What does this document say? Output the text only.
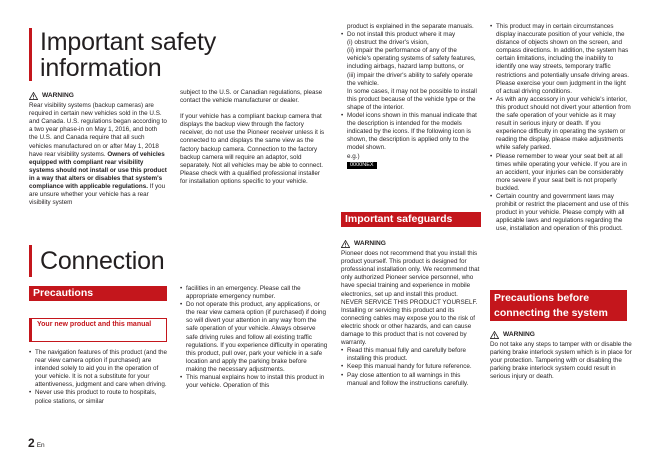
Important safety
information
WARNING

Rear visibility systems (backup cameras) are required in certain new vehicles sold in the U.S. and Canada. U.S. regulations began according to a two year phase-in on May 1, 2016, and both the U.S. and Canada require that all such vehicles manufactured on or after May 1, 2018 have rear visibility systems. Owners of vehicles equipped with compliant rear visibility systems should not install or use this product in a way that alters or disables that system's compliance with applicable regulations. If you are unsure whether your vehicle has a rear visibility system

subject to the U.S. or Canadian regulations, please contact the vehicle manufacturer or dealer.

If your vehicle has a compliant backup camera that displays the backup view through the factory receiver, do not use the Pioneer receiver unless it is connected to and displays the same view as the factory backup camera. Connection to the factory backup camera will require an adaptor, sold separately. Not all vehicles may be able to connect. Please check with a qualified professional installer for installation options specific to your vehicle.

Connection
Precautions
Your new product and this manual
• The navigation features of this product (and the rear view camera option if purchased) are intended solely to aid you in the operation of your vehicle. It is not a substitute for your attentiveness, judgment and care when driving.
• Never use this product to route to hospitals, police stations, or similar
• facilities in an emergency. Please call the appropriate emergency number.
• Do not operate this product, any applications, or the rear view camera option (if purchased) if doing so will divert your attention in any way from the safe operation of your vehicle. Always observe safe driving rules and follow all existing traffic regulations. If you experience difficulty in operating this product, pull over, park your vehicle in a safe location and apply the parking brake before making the necessary adjustments.
• This manual explains how to install this product in your vehicle. Operation of this

product is explained in the separate manuals.

• Do not install this product where it may
(i) obstruct the driver's vision,
(ii) impair the performance of any of the vehicle's operating systems of safety features, including airbags, hazard lamp buttons, or
(iii) impair the driver's ability to safely operate the vehicle.
In some cases, it may not be possible to install this product because of the vehicle type or the shape of the interior.
• Model icons shown in this manual indicate that the description is intended for the models indicated by the icons. If the following icon is shown, the description is applied only to the model shown.
e.g.)
0000NEX
Important safeguards
WARNING

Pioneer does not recommend that you install this product yourself. This product is designed for professional installation only. We recommend that only authorized Pioneer service personnel, who have special training and experience in mobile electronics, set up and install this product. NEVER SERVICE THIS PRODUCT YOURSELF. Installing or servicing this product and its connecting cables may expose you to the risk of electric shock or other hazards, and can cause damage to this product that is not covered by warranty.

• Read this manual fully and carefully before installing this product.
• Keep this manual handy for future reference.
• Pay close attention to all warnings in this manual and follow the instructions carefully.
• This product may in certain circumstances display inaccurate position of your vehicle, the distance of objects shown on the screen, and compass directions. In addition, the system has certain limitations, including the inability to identify one way streets, temporary traffic restrictions and potentially unsafe driving areas. Please exercise your own judgment in the light of actual driving conditions.
• As with any accessory in your vehicle's interior, this product should not divert your attention from the safe operation of your vehicle as it may result in serious injury or death. If you experience difficulty in operating the system or reading the display, please make adjustments while safely parked.
• Please remember to wear your seat belt at all times while operating your vehicle. If you are in an accident, your injuries can be considerably more severe if your seat belt is not properly buckled.
• Certain country and government laws may prohibit or restrict the placement and use of this product in your vehicle. Please comply with all applicable laws and regulations regarding the use, installation and operation of this product.
Precautions before
connecting the system
WARNING

Do not take any steps to tamper with or disable the parking brake interlock system which is in place for your protection. Tampering with or disabling the parking brake interlock system could result in serious injury or death.

2 En
